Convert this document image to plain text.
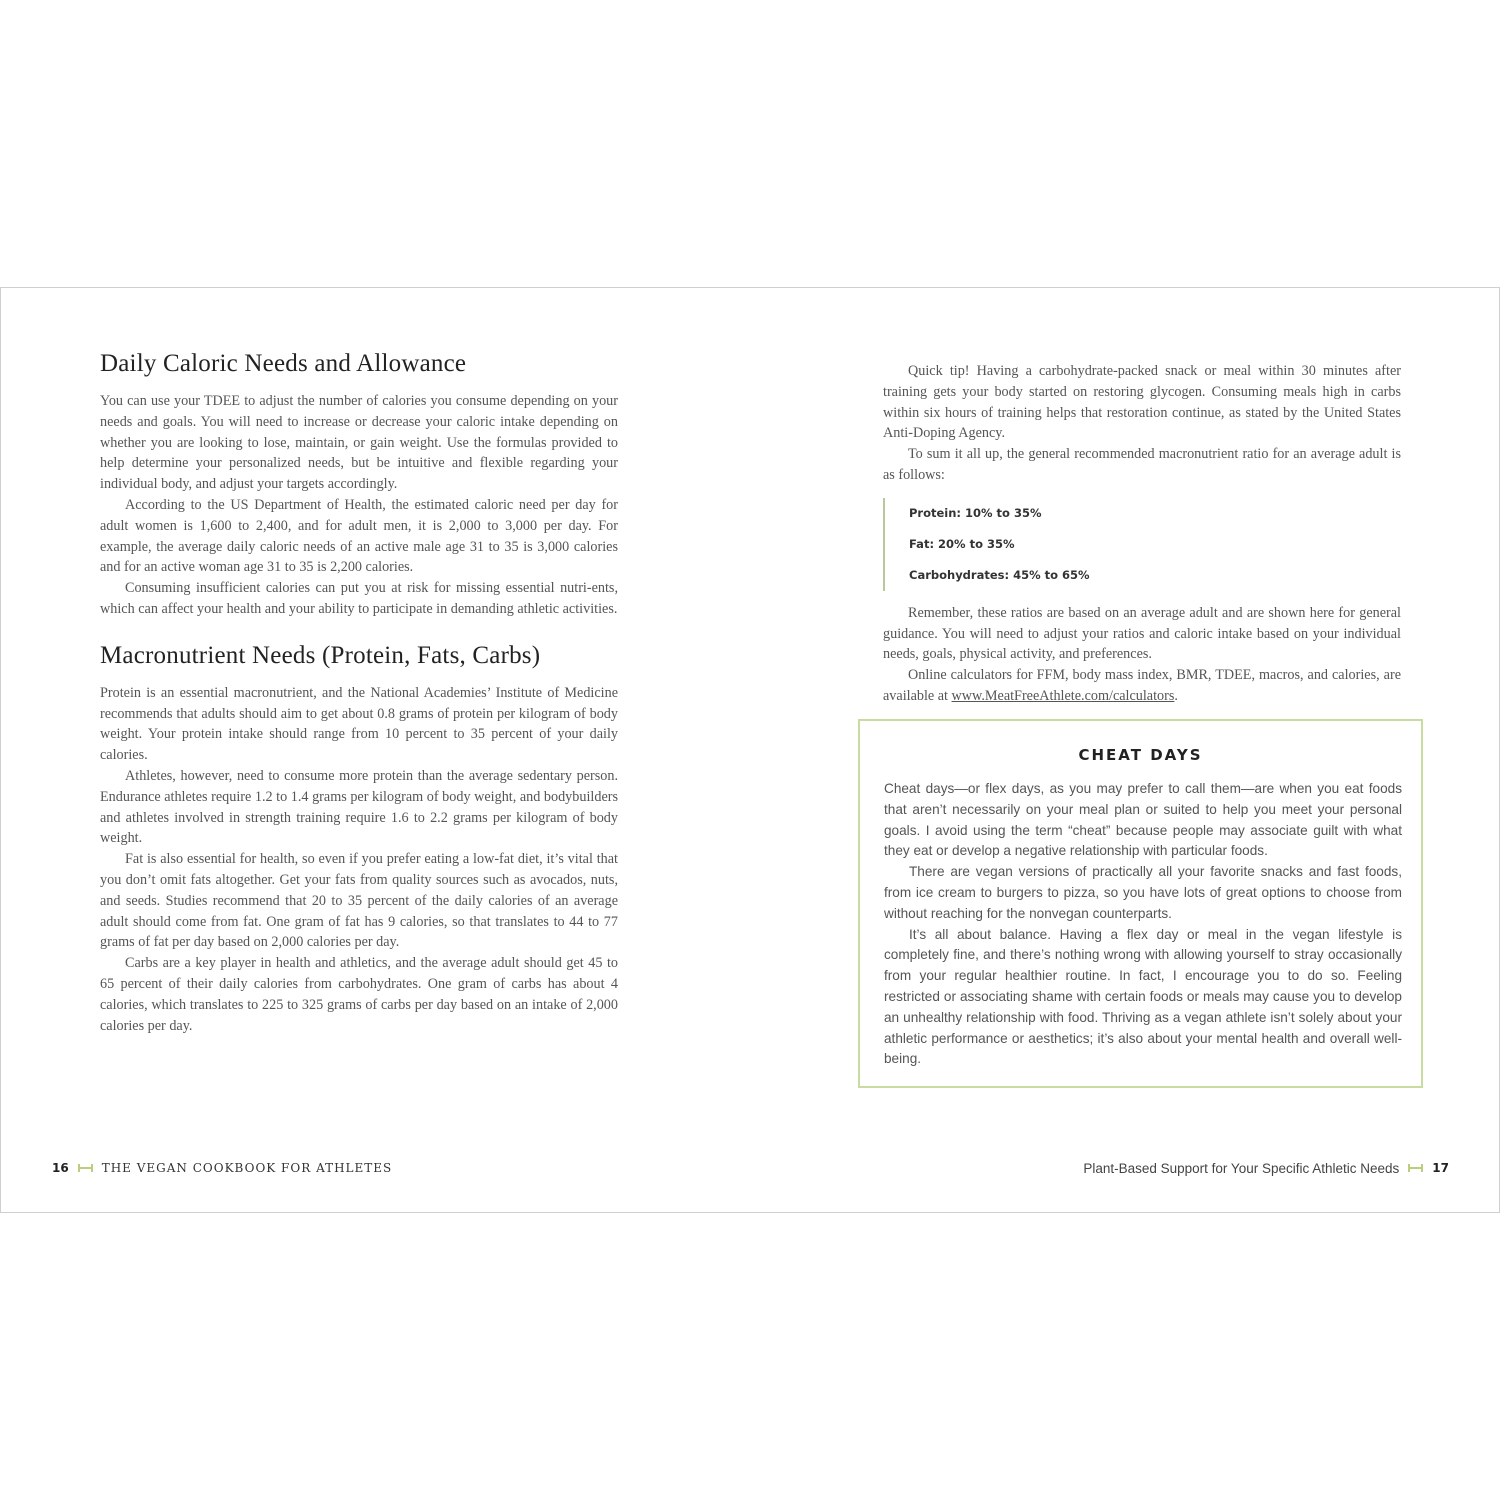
Daily Caloric Needs and Allowance

You can use your TDEE to adjust the number of calories you consume depending on your needs and goals. You will need to increase or decrease your caloric intake depending on whether you are looking to lose, maintain, or gain weight. Use the formulas provided to help determine your personalized needs, but be intuitive and flexible regarding your individual body, and adjust your targets accordingly.

According to the US Department of Health, the estimated caloric need per day for adult women is 1,600 to 2,400, and for adult men, it is 2,000 to 3,000 per day. For example, the average daily caloric needs of an active male age 31 to 35 is 3,000 calories and for an active woman age 31 to 35 is 2,200 calories.

Consuming insufficient calories can put you at risk for missing essential nutri-ents, which can affect your health and your ability to participate in demanding athletic activities.

Macronutrient Needs (Protein, Fats, Carbs)

Protein is an essential macronutrient, and the National Academies’ Institute of Medicine recommends that adults should aim to get about 0.8 grams of protein per kilogram of body weight. Your protein intake should range from 10 percent to 35 percent of your daily calories.

Athletes, however, need to consume more protein than the average sedentary person. Endurance athletes require 1.2 to 1.4 grams per kilogram of body weight, and bodybuilders and athletes involved in strength training require 1.6 to 2.2 grams per kilogram of body weight.

Fat is also essential for health, so even if you prefer eating a low-fat diet, it’s vital that you don’t omit fats altogether. Get your fats from quality sources such as avocados, nuts, and seeds. Studies recommend that 20 to 35 percent of the daily calories of an average adult should come from fat. One gram of fat has 9 calories, so that translates to 44 to 77 grams of fat per day based on 2,000 calories per day.

Carbs are a key player in health and athletics, and the average adult should get 45 to 65 percent of their daily calories from carbohydrates. One gram of carbs has about 4 calories, which translates to 225 to 325 grams of carbs per day based on an intake of 2,000 calories per day.

16	THE VEGAN COOKBOOK FOR ATHLETES

Quick tip! Having a carbohydrate-packed snack or meal within 30 minutes after training gets your body started on restoring glycogen. Consuming meals high in carbs within six hours of training helps that restoration continue, as stated by the United States Anti-Doping Agency.

To sum it all up, the general recommended macronutrient ratio for an average adult is as follows:

Protein: 10% to 35%
Fat: 20% to 35%
Carbohydrates: 45% to 65%

Remember, these ratios are based on an average adult and are shown here for general guidance. You will need to adjust your ratios and caloric intake based on your individual needs, goals, physical activity, and preferences.

Online calculators for FFM, body mass index, BMR, TDEE, macros, and calories, are available at www.MeatFreeAthlete.com/calculators.

CHEAT DAYS

Cheat days—or flex days, as you may prefer to call them—are when you eat foods that aren’t necessarily on your meal plan or suited to help you meet your personal goals. I avoid using the term “cheat” because people may associate guilt with what they eat or develop a negative relationship with particular foods.

There are vegan versions of practically all your favorite snacks and fast foods, from ice cream to burgers to pizza, so you have lots of great options to choose from without reaching for the nonvegan counterparts.

It’s all about balance. Having a flex day or meal in the vegan lifestyle is completely fine, and there’s nothing wrong with allowing yourself to stray occasionally from your regular healthier routine. In fact, I encourage you to do so. Feeling restricted or associating shame with certain foods or meals may cause you to develop an unhealthy relationship with food. Thriving as a vegan athlete isn’t solely about your athletic performance or aesthetics; it’s also about your mental health and overall well-being.

Plant-Based Support for Your Specific Athletic Needs	17
